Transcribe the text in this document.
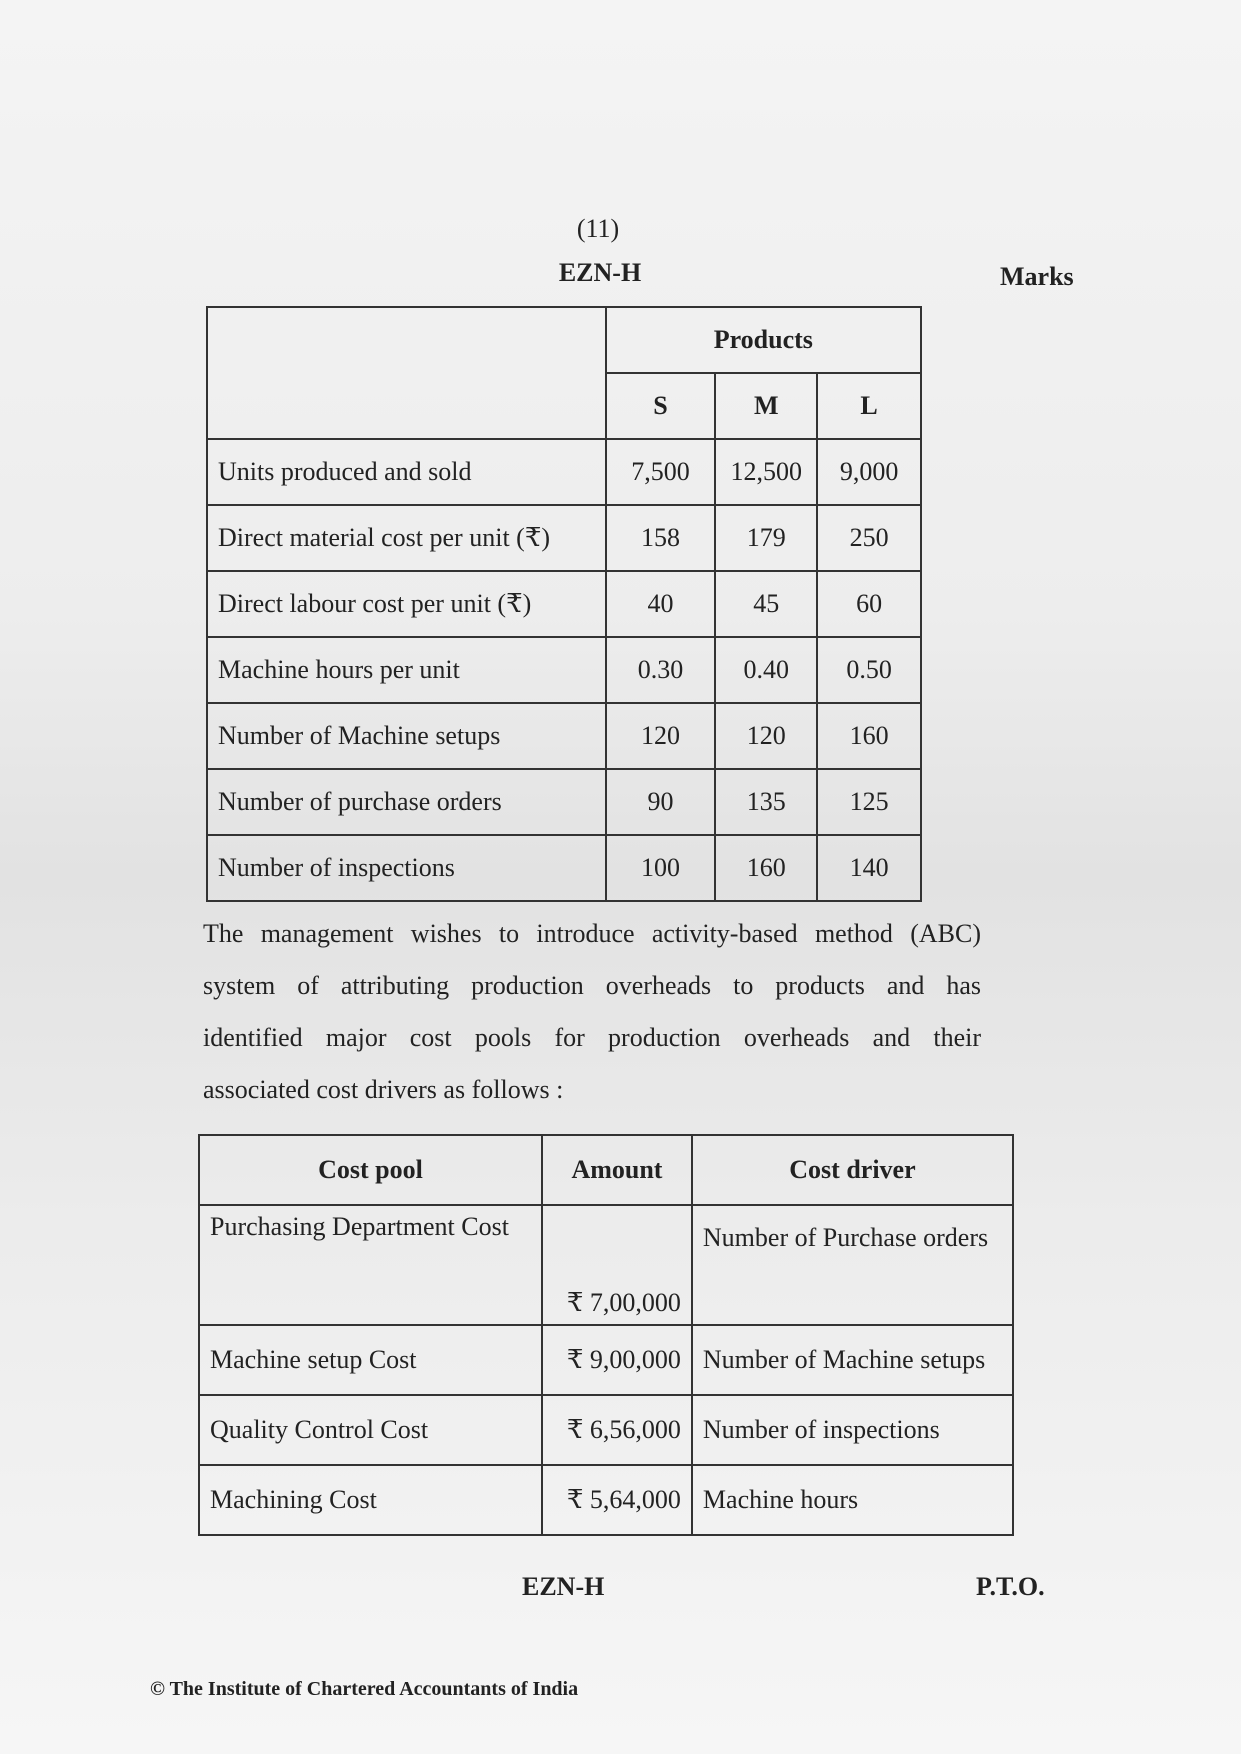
(11)
EZN-H	Marks
	Products		
	S	M	L
Units produced and sold	7,500	12,500	9,000
Direct material cost per unit (₹)	158	179	250
Direct labour cost per unit (₹)	40	45	60
Machine hours per unit	0.30	0.40	0.50
Number of Machine setups	120	120	160
Number of purchase orders	90	135	125
Number of inspections	100	160	140
The management wishes to introduce activity-based method (ABC)
system of attributing production overheads to products and has
identified major cost pools for production overheads and their
associated cost drivers as follows :
Cost pool	Amount	Cost driver
Purchasing Department Cost	₹ 7,00,000	Number of Purchase orders
Machine setup Cost	₹ 9,00,000	Number of Machine setups
Quality Control Cost	₹ 6,56,000	Number of inspections
Machining Cost	₹ 5,64,000	Machine hours
EZN-H	P.T.O.
© The Institute of Chartered Accountants of India
